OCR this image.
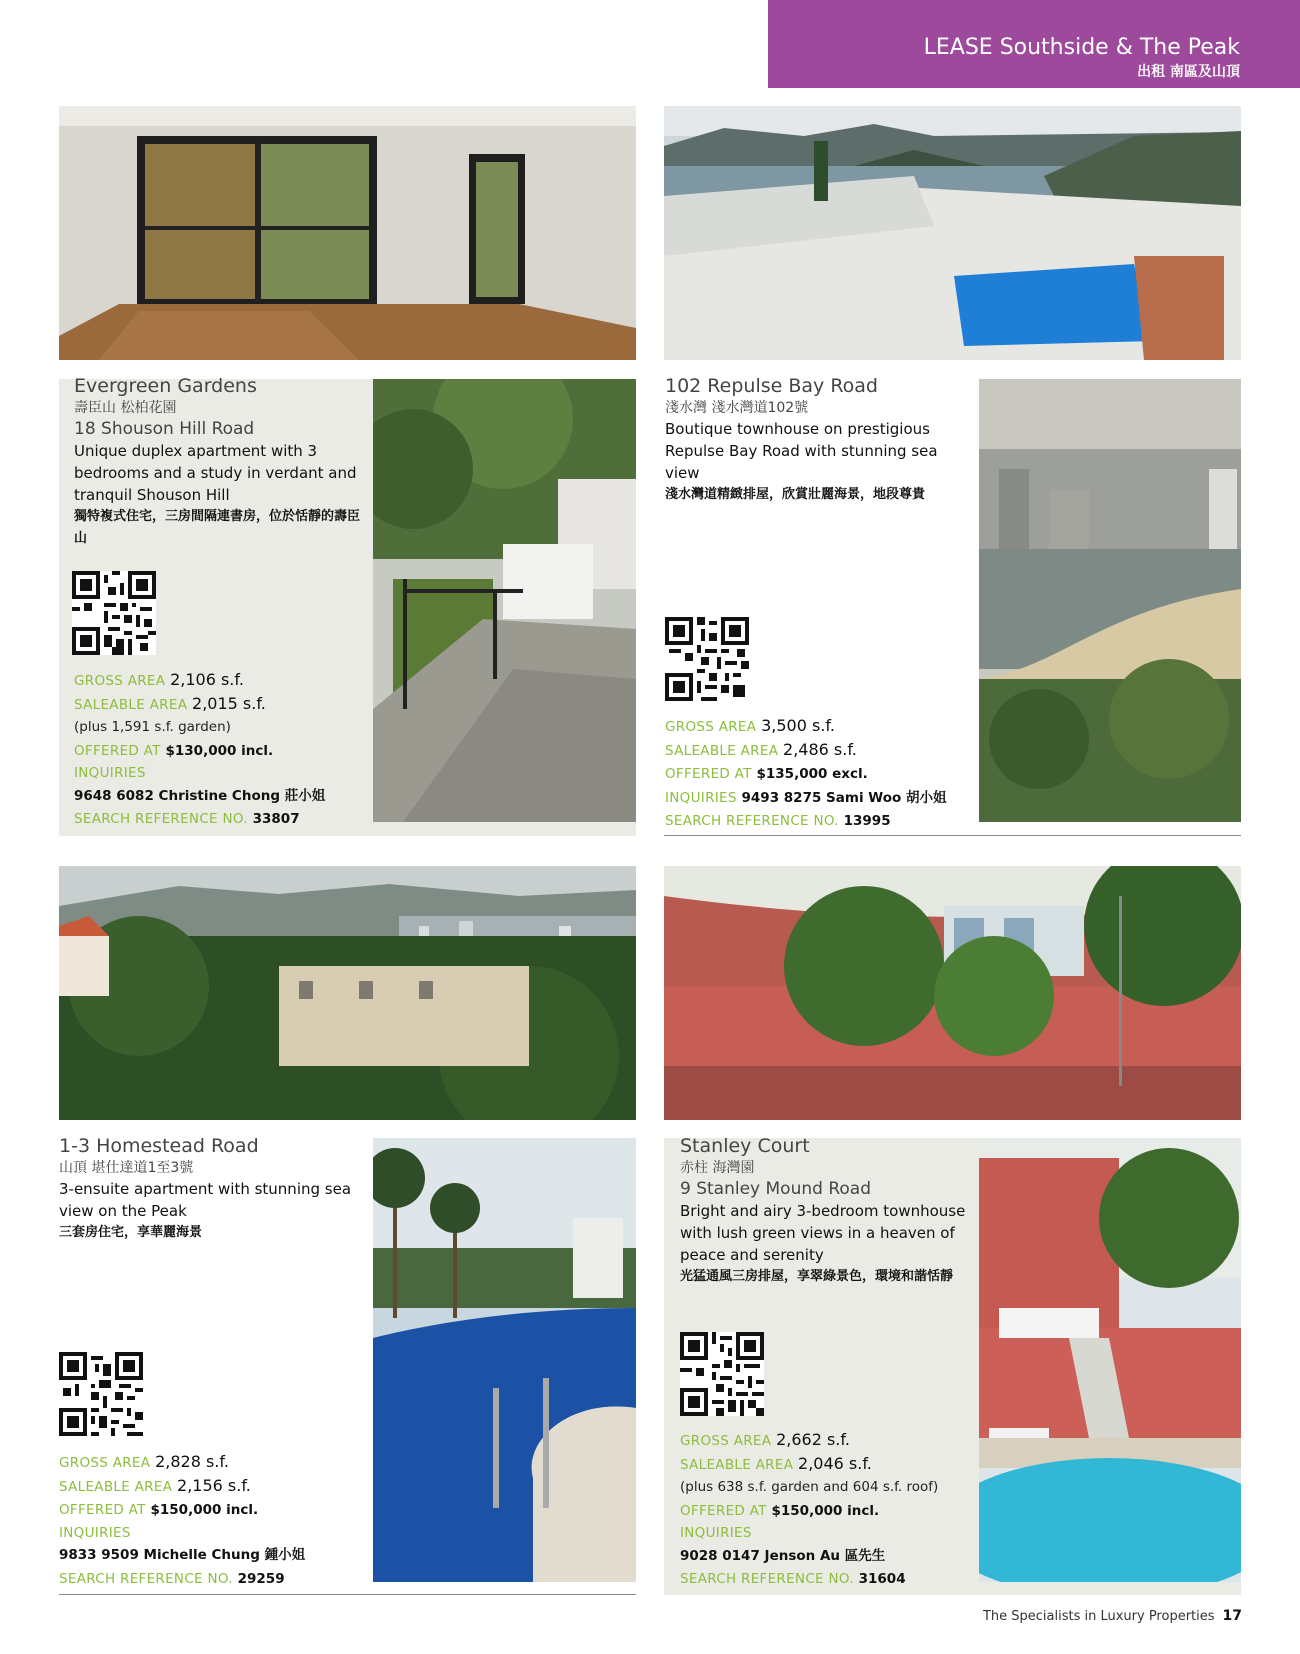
LEASE Southside & The Peak
出租 南區及山頂
Evergreen Gardens
壽臣山 松柏花園
18 Shouson Hill Road
Unique duplex apartment with 3 bedrooms and a study in verdant and tranquil Shouson Hill
獨特複式住宅，三房間隔連書房，位於恬靜的壽臣山
GROSS AREA 2,106 s.f.
SALEABLE AREA 2,015 s.f.
(plus 1,591 s.f. garden)
OFFERED AT $130,000 incl.
INQUIRIES
9648 6082 Christine Chong 莊小姐
SEARCH REFERENCE NO. 33807
102 Repulse Bay Road
淺水灣 淺水灣道102號
Boutique townhouse on prestigious Repulse Bay Road with stunning sea view
淺水灣道精緻排屋，欣賞壯麗海景，地段尊貴
GROSS AREA 3,500 s.f.
SALEABLE AREA 2,486 s.f.
OFFERED AT $135,000 excl.
INQUIRIES 9493 8275 Sami Woo 胡小姐
SEARCH REFERENCE NO. 13995
1-3 Homestead Road
山頂 堪仕達道1至3號
3-ensuite apartment with stunning sea view on the Peak
三套房住宅，享華麗海景
GROSS AREA 2,828 s.f.
SALEABLE AREA 2,156 s.f.
OFFERED AT $150,000 incl.
INQUIRIES
9833 9509 Michelle Chung 鍾小姐
SEARCH REFERENCE NO. 29259
Stanley Court
赤柱 海灣園
9 Stanley Mound Road
Bright and airy 3-bedroom townhouse with lush green views in a heaven of peace and serenity
光猛通風三房排屋，享翠綠景色，環境和諧恬靜
GROSS AREA 2,662 s.f.
SALEABLE AREA 2,046 s.f.
(plus 638 s.f. garden and 604 s.f. roof)
OFFERED AT $150,000 incl.
INQUIRIES
9028 0147 Jenson Au 區先生
SEARCH REFERENCE NO. 31604
The Specialists in Luxury Properties 17
